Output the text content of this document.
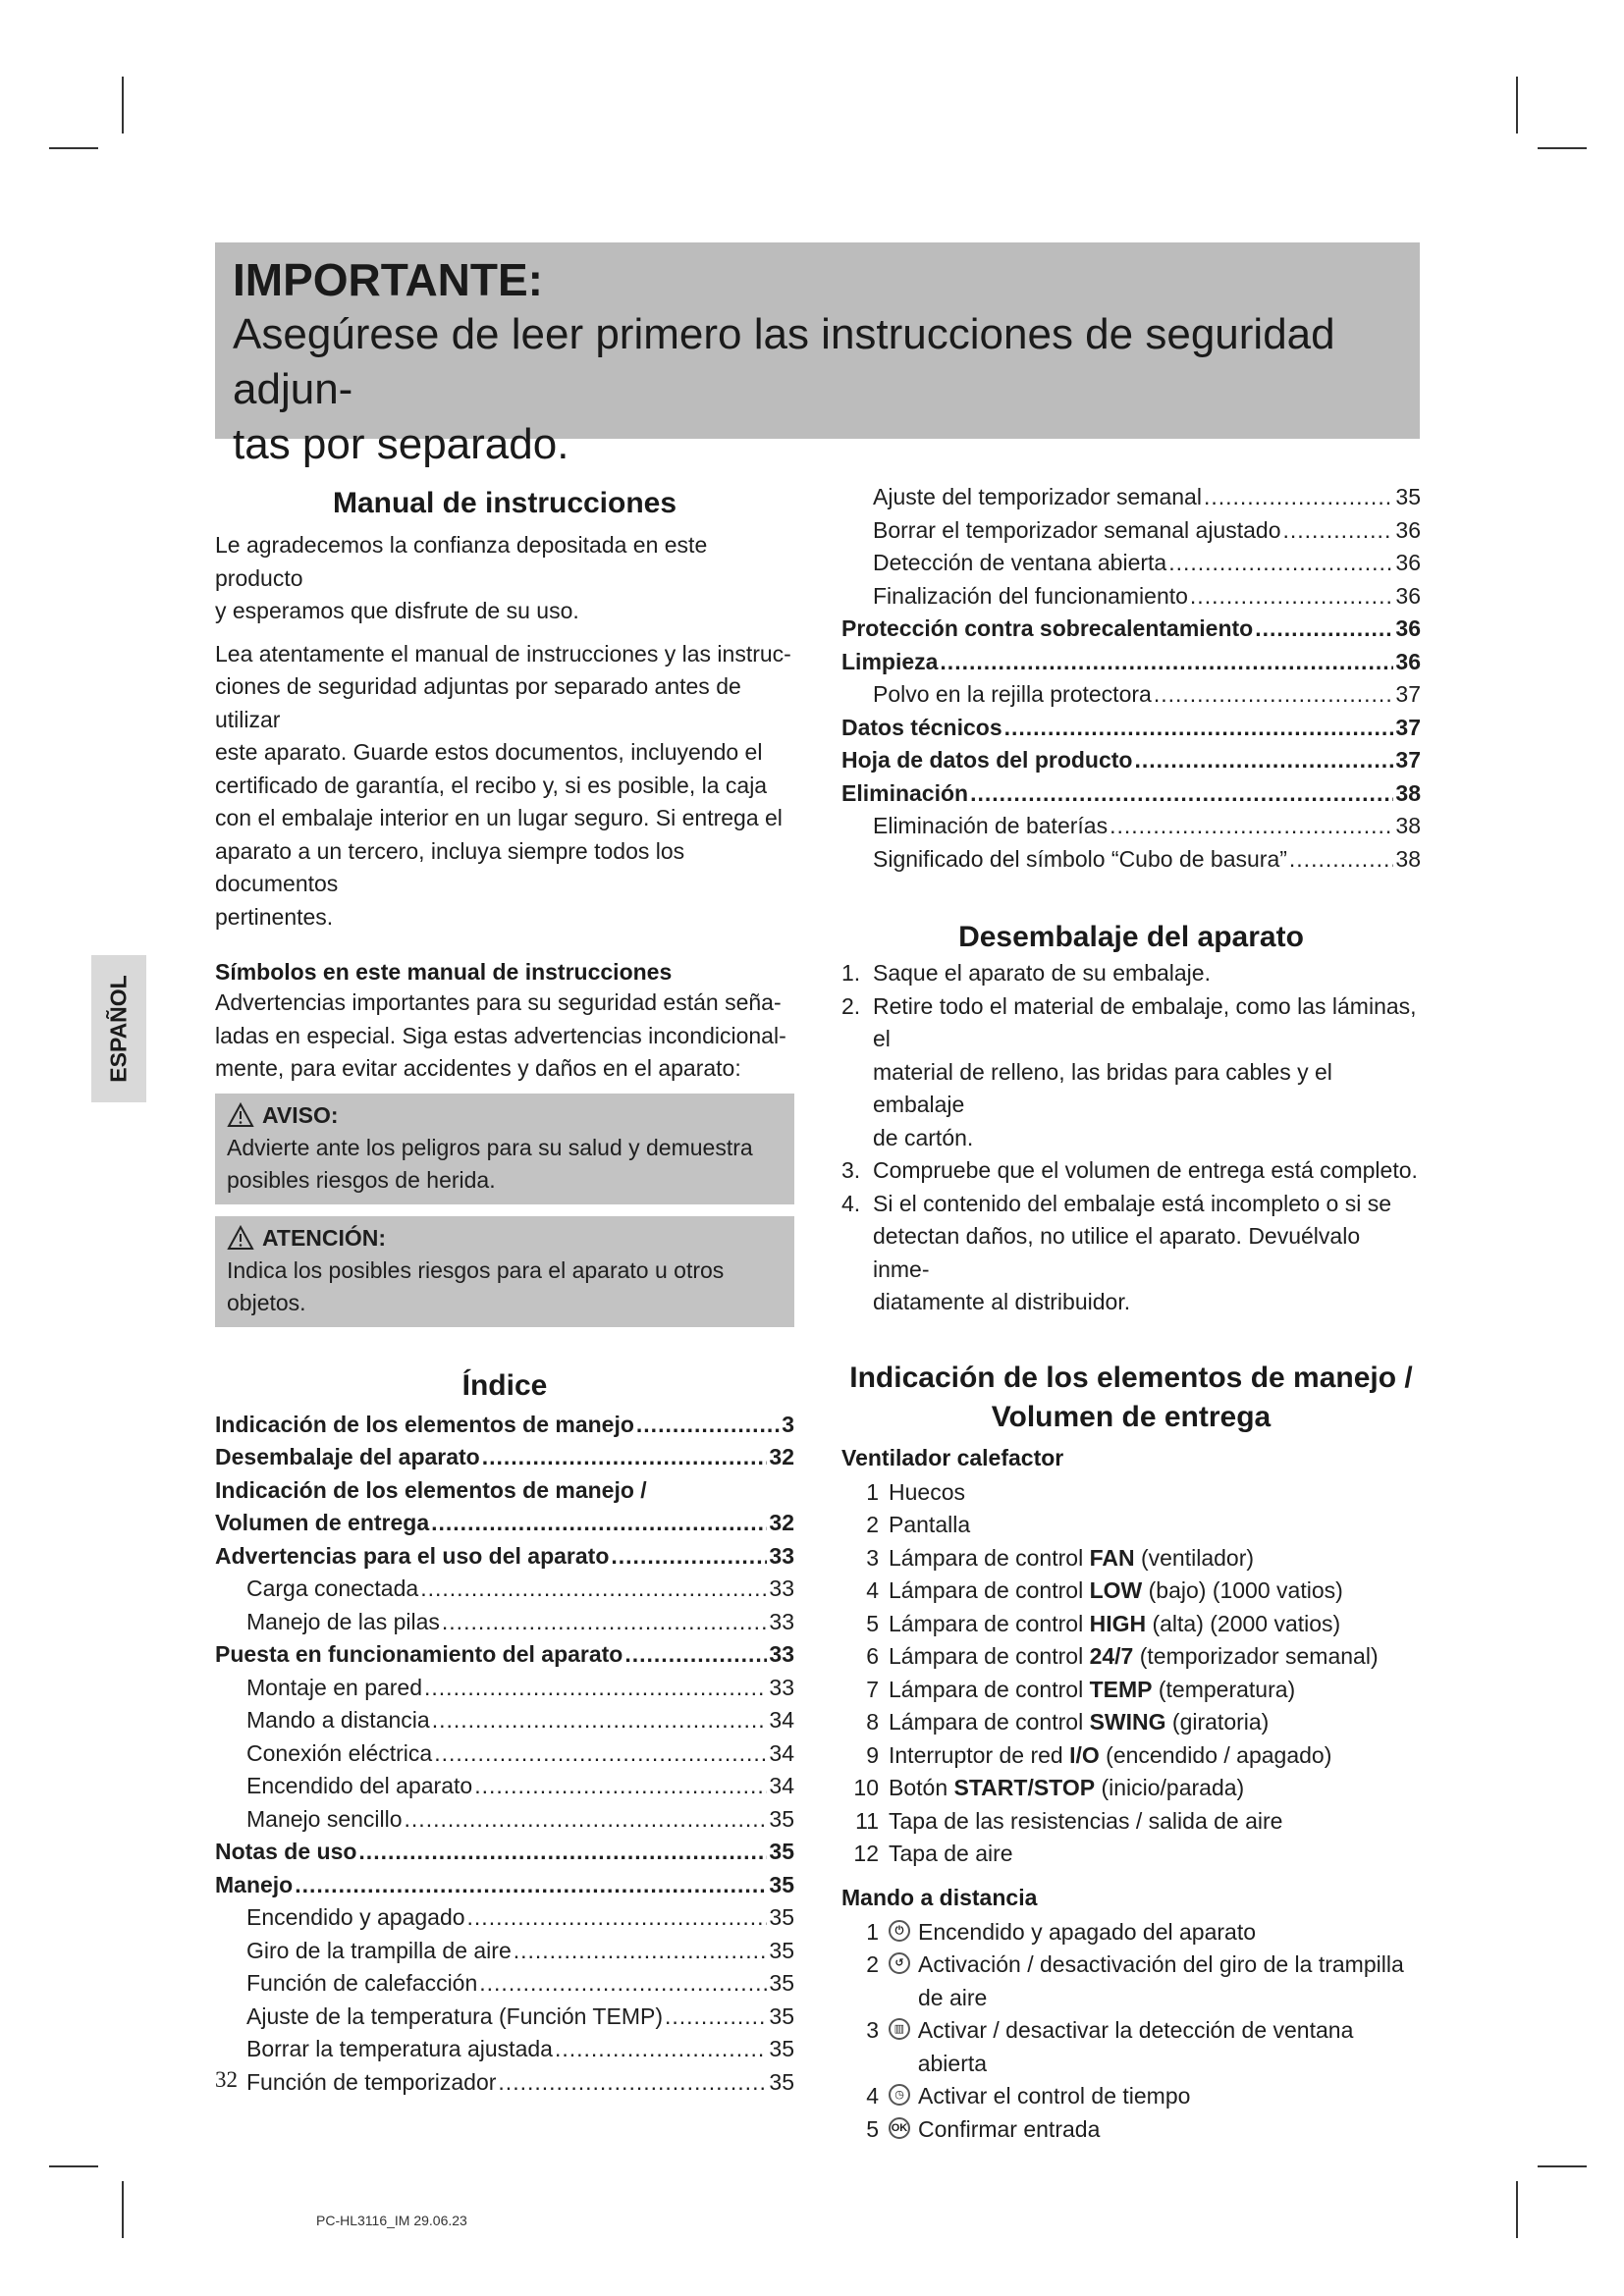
IMPORTANTE:
Asegúrese de leer primero las instrucciones de seguridad adjun-
tas por separado.
ESPAÑOL
Manual de instrucciones

Le agradecemos la confianza depositada en este producto

y esperamos que disfrute de su uso.

Lea atentamente el manual de instrucciones y las instruc-

ciones de seguridad adjuntas por separado antes de utilizar

este aparato. Guarde estos documentos, incluyendo el

certificado de garantía, el recibo y, si es posible, la caja

con el embalaje interior en un lugar seguro. Si entrega el

aparato a un tercero, incluya siempre todos los documentos

pertinentes.

Símbolos en este manual de instrucciones

Advertencias importantes para su seguridad están seña-

ladas en especial. Siga estas advertencias incondicional-

mente, para evitar accidentes y daños en el aparato:

AVISO:
Advierte ante los peligros para su salud y demuestra
posibles riesgos de herida.
ATENCIÓN:
Indica los posibles riesgos para el aparato u otros
objetos.
Índice
Indicación de los elementos de manejo .....	3
Desembalaje del aparato .....	32
Indicación de los elementos de manejo /
Volumen de entrega .....	32
Advertencias para el uso del aparato .....	33
Carga conectada .....	33
Manejo de las pilas .....	33
Puesta en funcionamiento del aparato .....	33
Montaje en pared .....	33
Mando a distancia .....	34
Conexión eléctrica .....	34
Encendido del aparato .....	34
Manejo sencillo .....	35
Notas de uso .....	35
Manejo .....	35
Encendido y apagado .....	35
Giro de la trampilla de aire .....	35
Función de calefacción .....	35
Ajuste de la temperatura (Función TEMP) .....	35
Borrar la temperatura ajustada .....	35
Función de temporizador .....	35
Ajuste del temporizador semanal .....	35
Borrar el temporizador semanal ajustado .....	36
Detección de ventana abierta .....	36
Finalización del funcionamiento .....	36
Protección contra sobrecalentamiento .....	36
Limpieza .....	36
Polvo en la rejilla protectora .....	37
Datos técnicos .....	37
Hoja de datos del producto .....	37
Eliminación .....	38
Eliminación de baterías .....	38
Significado del símbolo “Cubo de basura” .....	38
Desembalaje del aparato
1. Saque el aparato de su embalaje.
2. Retire todo el material de embalaje, como las láminas, el
material de relleno, las bridas para cables y el embalaje
de cartón.
3. Compruebe que el volumen de entrega está completo.
4. Si el contenido del embalaje está incompleto o si se
detectan daños, no utilice el aparato. Devuélvalo inme-
diatamente al distribuidor.
Indicación de los elementos de manejo /
Volumen de entrega
Ventilador calefactor
1 Huecos
2 Pantalla
3 Lámpara de control FAN (ventilador)
4 Lámpara de control LOW (bajo) (1000 vatios)
5 Lámpara de control HIGH (alta) (2000 vatios)
6 Lámpara de control 24/7 (temporizador semanal)
7 Lámpara de control TEMP (temperatura)
8 Lámpara de control SWING (giratoria)
9 Interruptor de red I/O (encendido / apagado)
10 Botón START/STOP (inicio/parada)
11 Tapa de las resistencias / salida de aire
12 Tapa de aire
Mando a distancia
1	⏻ Encendido y apagado del aparato
2	↺ Activación / desactivación del giro de la trampilla
de aire
3	▥ Activar / desactivar la detección de ventana abierta
4	◷ Activar el control de tiempo
5	OK Confirmar entrada
32
PC-HL3116_IM 29.06.23
